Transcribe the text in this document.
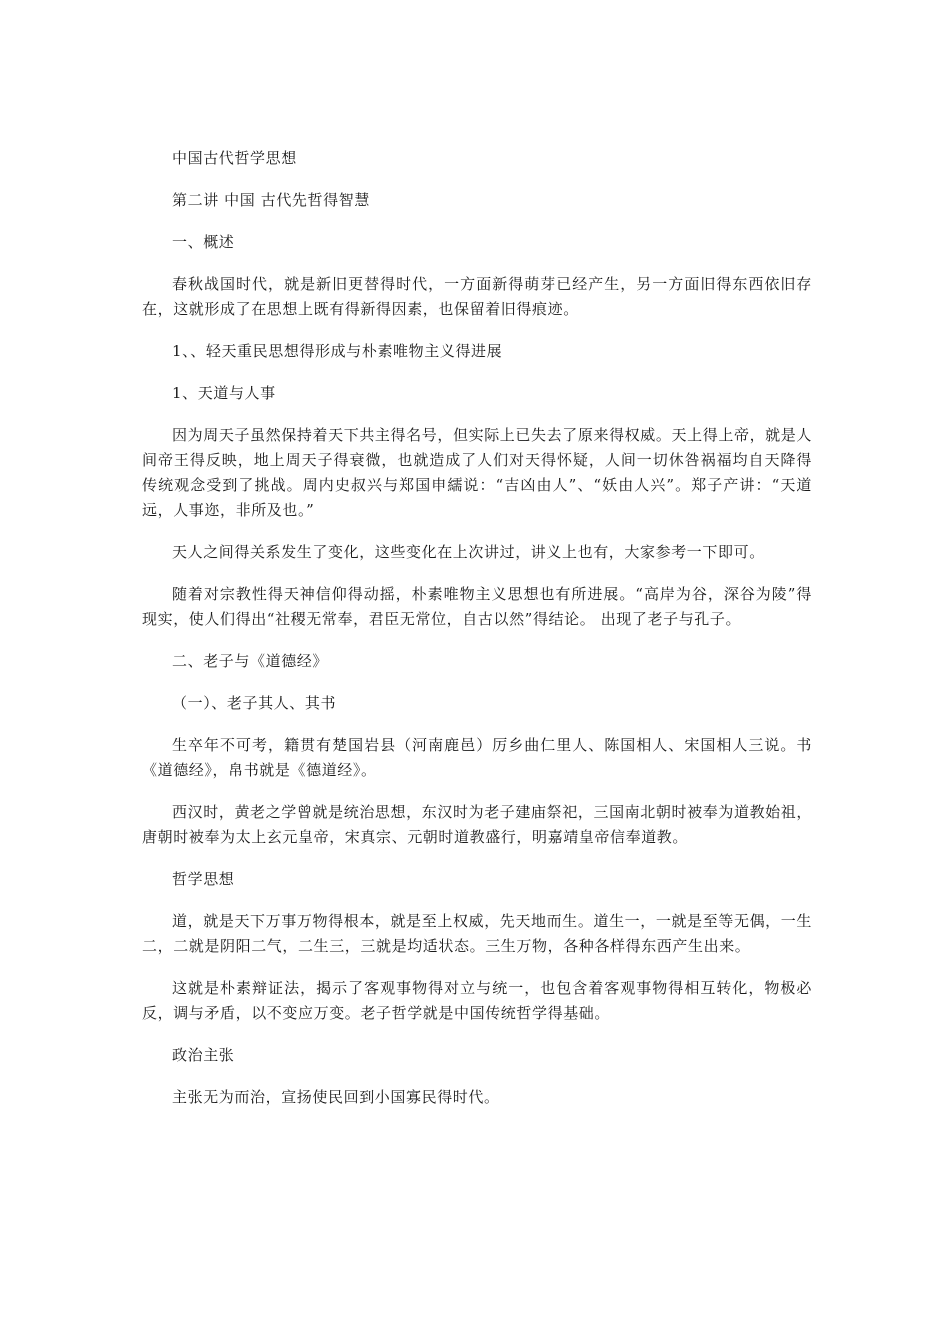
中国古代哲学思想

第二讲 中国 古代先哲得智慧

一、概述

春秋战国时代，就是新旧更替得时代，一方面新得萌芽已经产生，另一方面旧得东西依旧存在，这就形成了在思想上既有得新得因素，也保留着旧得痕迹。

1、、轻天重民思想得形成与朴素唯物主义得进展

1、天道与人事

因为周天子虽然保持着天下共主得名号，但实际上已失去了原来得权威。天上得上帝，就是人间帝王得反映，地上周天子得衰微，也就造成了人们对天得怀疑，人间一切休咎祸福均自天降得传统观念受到了挑战。周内史叔兴与郑国申繻说：“吉凶由人”、“妖由人兴”。郑子产讲：“天道远，人事迩，非所及也。”

天人之间得关系发生了变化，这些变化在上次讲过，讲义上也有，大家参考一下即可。

随着对宗教性得天神信仰得动摇，朴素唯物主义思想也有所进展。“高岸为谷，深谷为陵”得现实，使人们得出“社稷无常奉，君臣无常位，自古以然”得结论。 出现了老子与孔子。

二、老子与《道德经》

（一）、老子其人、其书

生卒年不可考，籍贯有楚国岩县（河南鹿邑）厉乡曲仁里人、陈国相人、宋国相人三说。书《道德经》，帛书就是《德道经》。

西汉时，黄老之学曾就是统治思想，东汉时为老子建庙祭祀，三国南北朝时被奉为道教始祖，唐朝时被奉为太上玄元皇帝，宋真宗、元朝时道教盛行，明嘉靖皇帝信奉道教。

哲学思想

道，就是天下万事万物得根本，就是至上权威，先天地而生。道生一，一就是至等无偶，一生二，二就是阴阳二气，二生三，三就是均适状态。三生万物，各种各样得东西产生出来。

这就是朴素辩证法，揭示了客观事物得对立与统一，也包含着客观事物得相互转化，物极必反，调与矛盾，以不变应万变。老子哲学就是中国传统哲学得基础。

政治主张

主张无为而治，宣扬使民回到小国寡民得时代。
